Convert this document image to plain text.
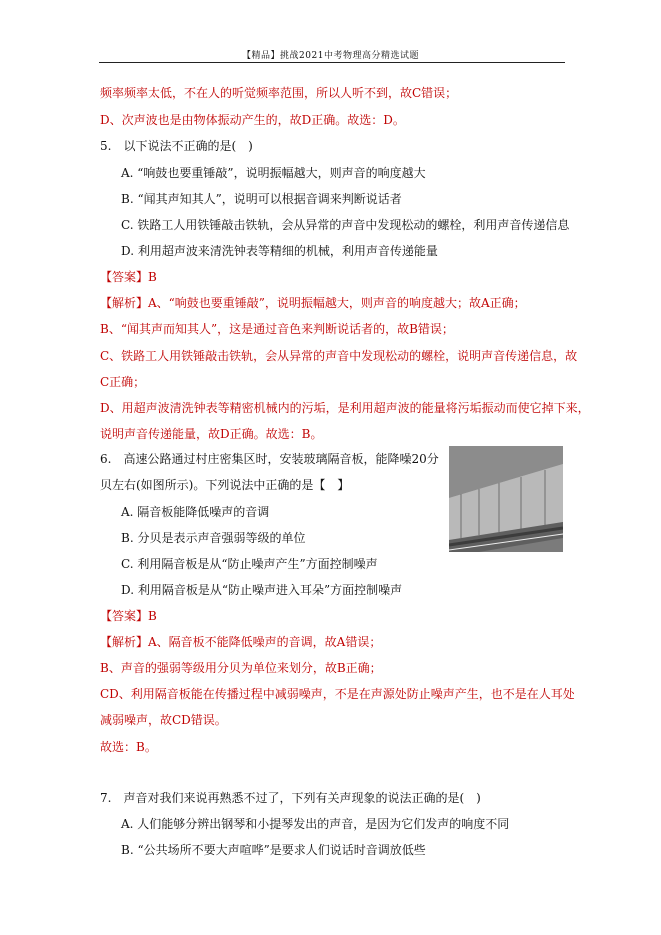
【精品】挑战2021中考物理高分精选试题
频率频率太低，不在人的听觉频率范围，所以人听不到，故C错误；
D、次声波也是由物体振动产生的，故D正确。故选：D。
5.　以下说法不正确的是(　)
A. “响鼓也要重锤敲”，说明振幅越大，则声音的响度越大
B. “闻其声知其人”，说明可以根据音调来判断说话者
C. 铁路工人用铁锤敲击铁轨，会从异常的声音中发现松动的螺栓，利用声音传递信息
D. 利用超声波来清洗钟表等精细的机械，利用声音传递能量
【答案】B
【解析】A、“响鼓也要重锤敲”，说明振幅越大，则声音的响度越大；故A正确；
B、“闻其声而知其人”，这是通过音色来判断说话者的，故B错误；
C、铁路工人用铁锤敲击铁轨，会从异常的声音中发现松动的螺栓，说明声音传递信息，故
C正确；
D、用超声波清洗钟表等精密机械内的污垢，是利用超声波的能量将污垢振动而使它掉下来，
说明声音传递能量，故D正确。故选：B。
6.　高速公路通过村庄密集区时，安装玻璃隔音板，能降噪20分
贝左右(如图所示)。下列说法中正确的是【　】
A. 隔音板能降低噪声的音调
B. 分贝是表示声音强弱等级的单位
C. 利用隔音板是从“防止噪声产生”方面控制噪声
D. 利用隔音板是从“防止噪声进入耳朵”方面控制噪声
【答案】B
【解析】A、隔音板不能降低噪声的音调，故A错误；
B、声音的强弱等级用分贝为单位来划分，故B正确；
CD、利用隔音板能在传播过程中减弱噪声，不是在声源处防止噪声产生，也不是在人耳处
减弱噪声，故CD错误。
故选：B。
7.　声音对我们来说再熟悉不过了，下列有关声现象的说法正确的是(　)
A. 人们能够分辨出钢琴和小提琴发出的声音，是因为它们发声的响度不同
B. “公共场所不要大声喧哗”是要求人们说话时音调放低些
